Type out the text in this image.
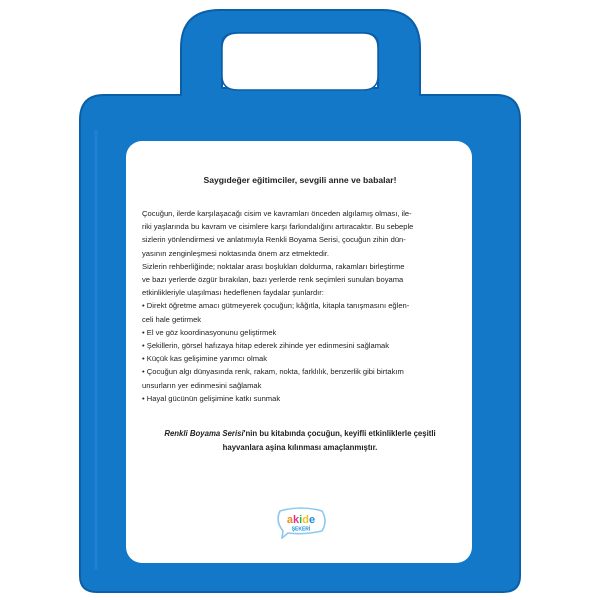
Saygıdeğer eğitimciler, sevgili anne ve babalar!

Çocuğun, ilerde karşılaşacağı cisim ve kavramları önceden algılamış olması, ile-
riki yaşlarında bu kavram ve cisimlere karşı farkındalığını artıracaktır. Bu sebeple
sizlerin yönlendirmesi ve anlatımıyla Renkli Boyama Serisi, çocuğun zihin dün-
yasının zenginleşmesi noktasında önem arz etmektedir.

Sizlerin rehberliğinde; noktalar arası boşlukları doldurma, rakamları birleştirme
ve bazı yerlerde özgür bırakılan, bazı yerlerde renk seçimleri sunulan boyama
etkinlikleriyle ulaşılması hedeflenen faydalar şunlardır:

• Direkt öğretme amacı gütmeyerek çocuğun; kâğıtla, kitapla tanışmasını eğlen-
celi hale getirmek
• El ve göz koordinasyonunu geliştirmek
• Şekillerin, görsel hafızaya hitap ederek zihinde yer edinmesini sağlamak
• Küçük kas gelişimine yarımcı olmak
• Çocuğun algı dünyasında renk, rakam, nokta, farklılık, benzerlik gibi birtakım
unsurların yer edinmesini sağlamak
• Hayal gücünün gelişimine katkı sunmak
Renkli Boyama Serisi'nin bu kitabında çocuğun, keyifli etkinliklerle çeşitli
hayvanlara aşina kılınması amaçlanmıştır.
akide
ŞEKERİ
